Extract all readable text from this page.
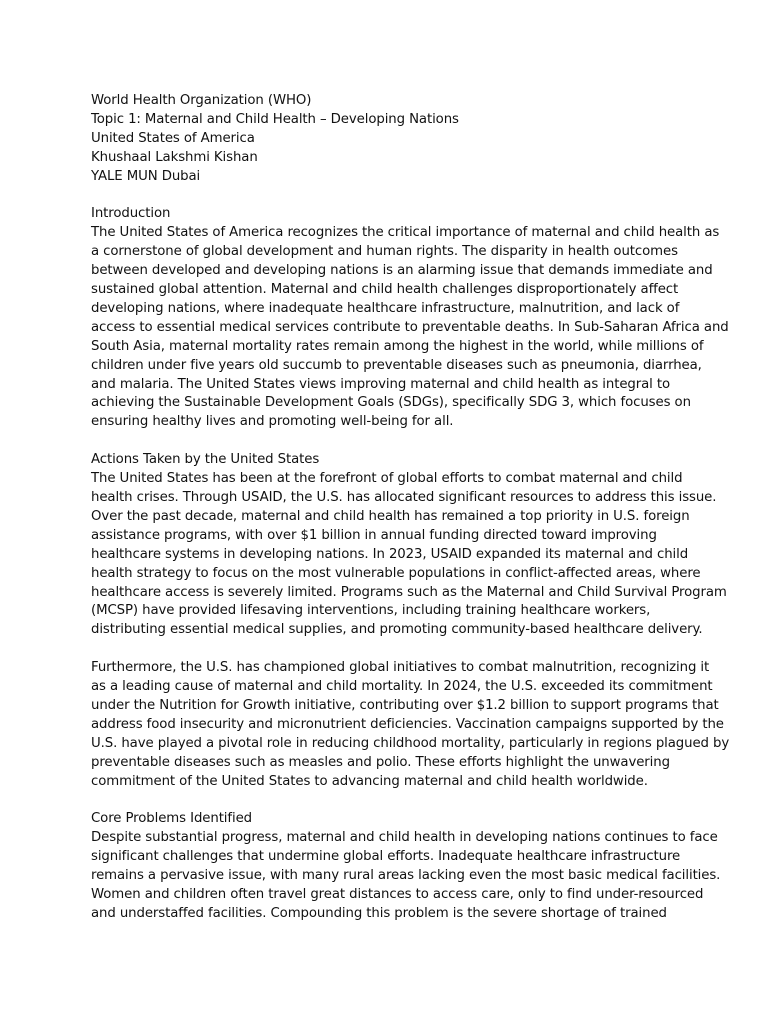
World Health Organization (WHO)
Topic 1: Maternal and Child Health – Developing Nations
United States of America
Khushaal Lakshmi Kishan
YALE MUN Dubai
Introduction
The United States of America recognizes the critical importance of maternal and child health as
a cornerstone of global development and human rights. The disparity in health outcomes
between developed and developing nations is an alarming issue that demands immediate and
sustained global attention. Maternal and child health challenges disproportionately affect
developing nations, where inadequate healthcare infrastructure, malnutrition, and lack of
access to essential medical services contribute to preventable deaths. In Sub-Saharan Africa and
South Asia, maternal mortality rates remain among the highest in the world, while millions of
children under five years old succumb to preventable diseases such as pneumonia, diarrhea,
and malaria. The United States views improving maternal and child health as integral to
achieving the Sustainable Development Goals (SDGs), specifically SDG 3, which focuses on
ensuring healthy lives and promoting well-being for all.
Actions Taken by the United States
The United States has been at the forefront of global efforts to combat maternal and child
health crises. Through USAID, the U.S. has allocated significant resources to address this issue.
Over the past decade, maternal and child health has remained a top priority in U.S. foreign
assistance programs, with over $1 billion in annual funding directed toward improving
healthcare systems in developing nations. In 2023, USAID expanded its maternal and child
health strategy to focus on the most vulnerable populations in conflict-affected areas, where
healthcare access is severely limited. Programs such as the Maternal and Child Survival Program
(MCSP) have provided lifesaving interventions, including training healthcare workers,
distributing essential medical supplies, and promoting community-based healthcare delivery.
Furthermore, the U.S. has championed global initiatives to combat malnutrition, recognizing it
as a leading cause of maternal and child mortality. In 2024, the U.S. exceeded its commitment
under the Nutrition for Growth initiative, contributing over $1.2 billion to support programs that
address food insecurity and micronutrient deficiencies. Vaccination campaigns supported by the
U.S. have played a pivotal role in reducing childhood mortality, particularly in regions plagued by
preventable diseases such as measles and polio. These efforts highlight the unwavering
commitment of the United States to advancing maternal and child health worldwide.
Core Problems Identified
Despite substantial progress, maternal and child health in developing nations continues to face
significant challenges that undermine global efforts. Inadequate healthcare infrastructure
remains a pervasive issue, with many rural areas lacking even the most basic medical facilities.
Women and children often travel great distances to access care, only to find under-resourced
and understaffed facilities. Compounding this problem is the severe shortage of trained
